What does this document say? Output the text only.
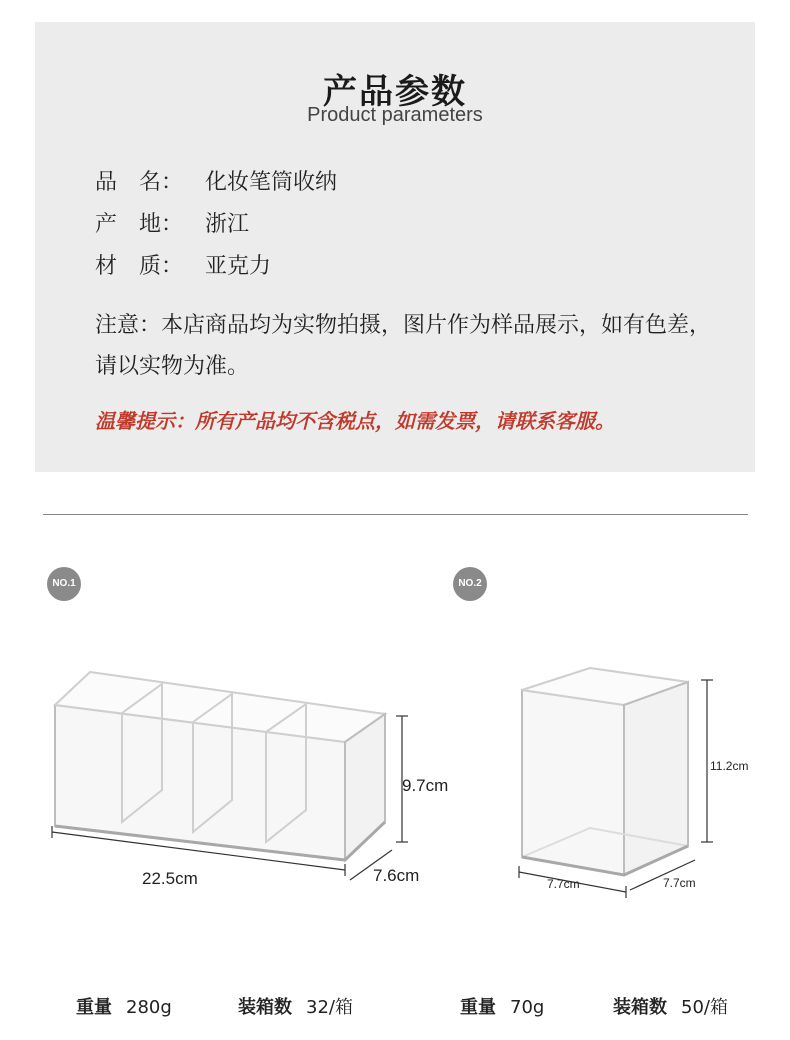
产品参数
Product parameters
品　名： 化妆笔筒收纳
产　地： 浙江
材　质： 亚克力
注意：本店商品均为实物拍摄，图片作为样品展示，如有色差，请以实物为准。
温馨提示：所有产品均不含税点，如需发票，请联系客服。
NO.1
9.7cm
22.5cm	7.6cm
NO.2
11.2cm
7.7cm	7.7cm
重量 280g	装箱数 32/箱	重量 70g	装箱数 50/箱
